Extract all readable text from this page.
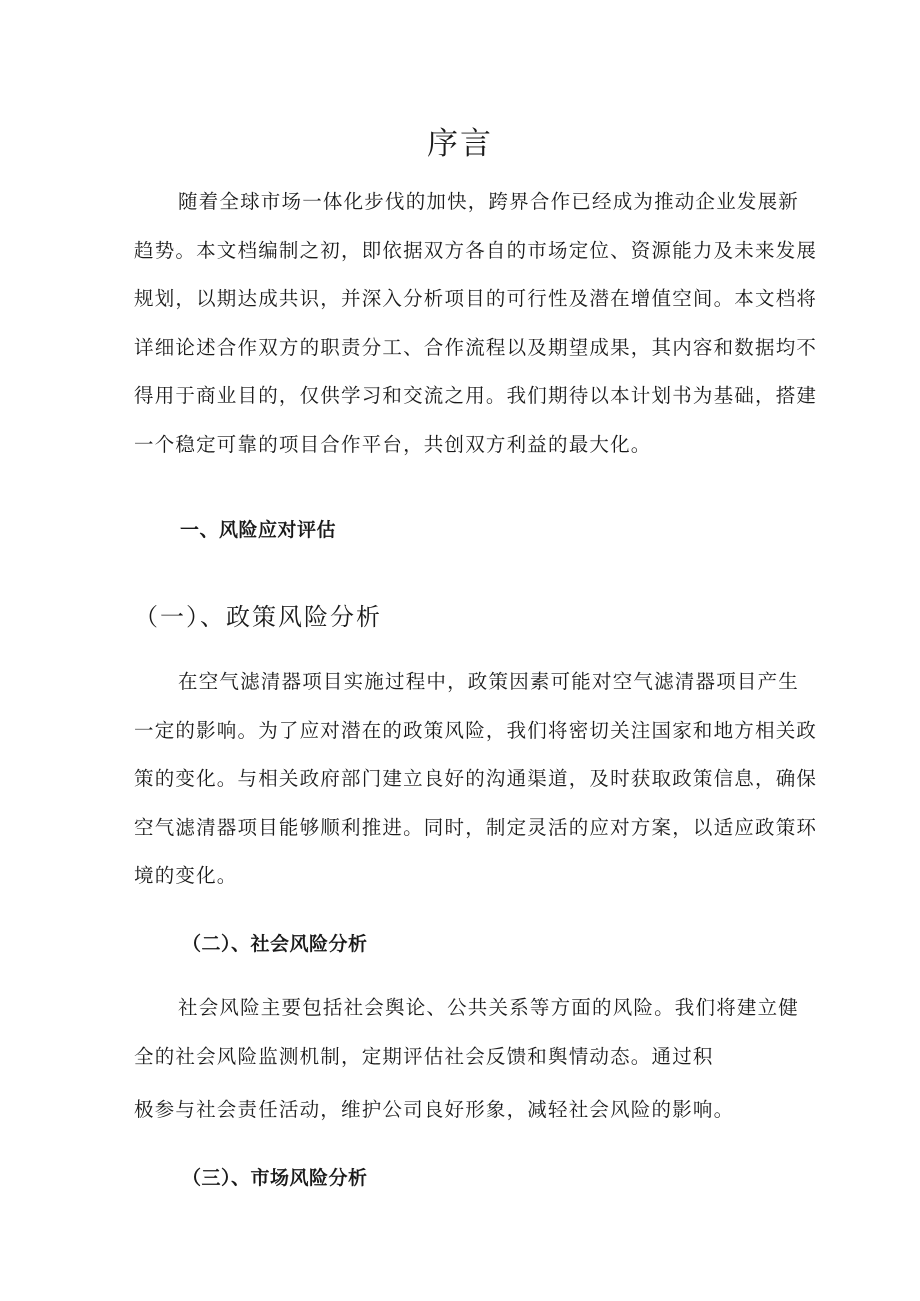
序言
随着全球市场一体化步伐的加快，跨界合作已经成为推动企业发展新
趋势。本文档编制之初，即依据双方各自的市场定位、资源能力及未来发展
规划，以期达成共识，并深入分析项目的可行性及潜在增值空间。本文档将
详细论述合作双方的职责分工、合作流程以及期望成果，其内容和数据均不
得用于商业目的，仅供学习和交流之用。我们期待以本计划书为基础，搭建
一个稳定可靠的项目合作平台，共创双方利益的最大化。
一、风险应对评估
（一）、政策风险分析
在空气滤清器项目实施过程中，政策因素可能对空气滤清器项目产生
一定的影响。为了应对潜在的政策风险，我们将密切关注国家和地方相关政
策的变化。与相关政府部门建立良好的沟通渠道，及时获取政策信息，确保
空气滤清器项目能够顺利推进。同时，制定灵活的应对方案，以适应政策环
境的变化。
（二）、社会风险分析
社会风险主要包括社会舆论、公共关系等方面的风险。我们将建立健
全的社会风险监测机制，定期评估社会反馈和舆情动态。通过积
极参与社会责任活动，维护公司良好形象，减轻社会风险的影响。
（三）、市场风险分析
